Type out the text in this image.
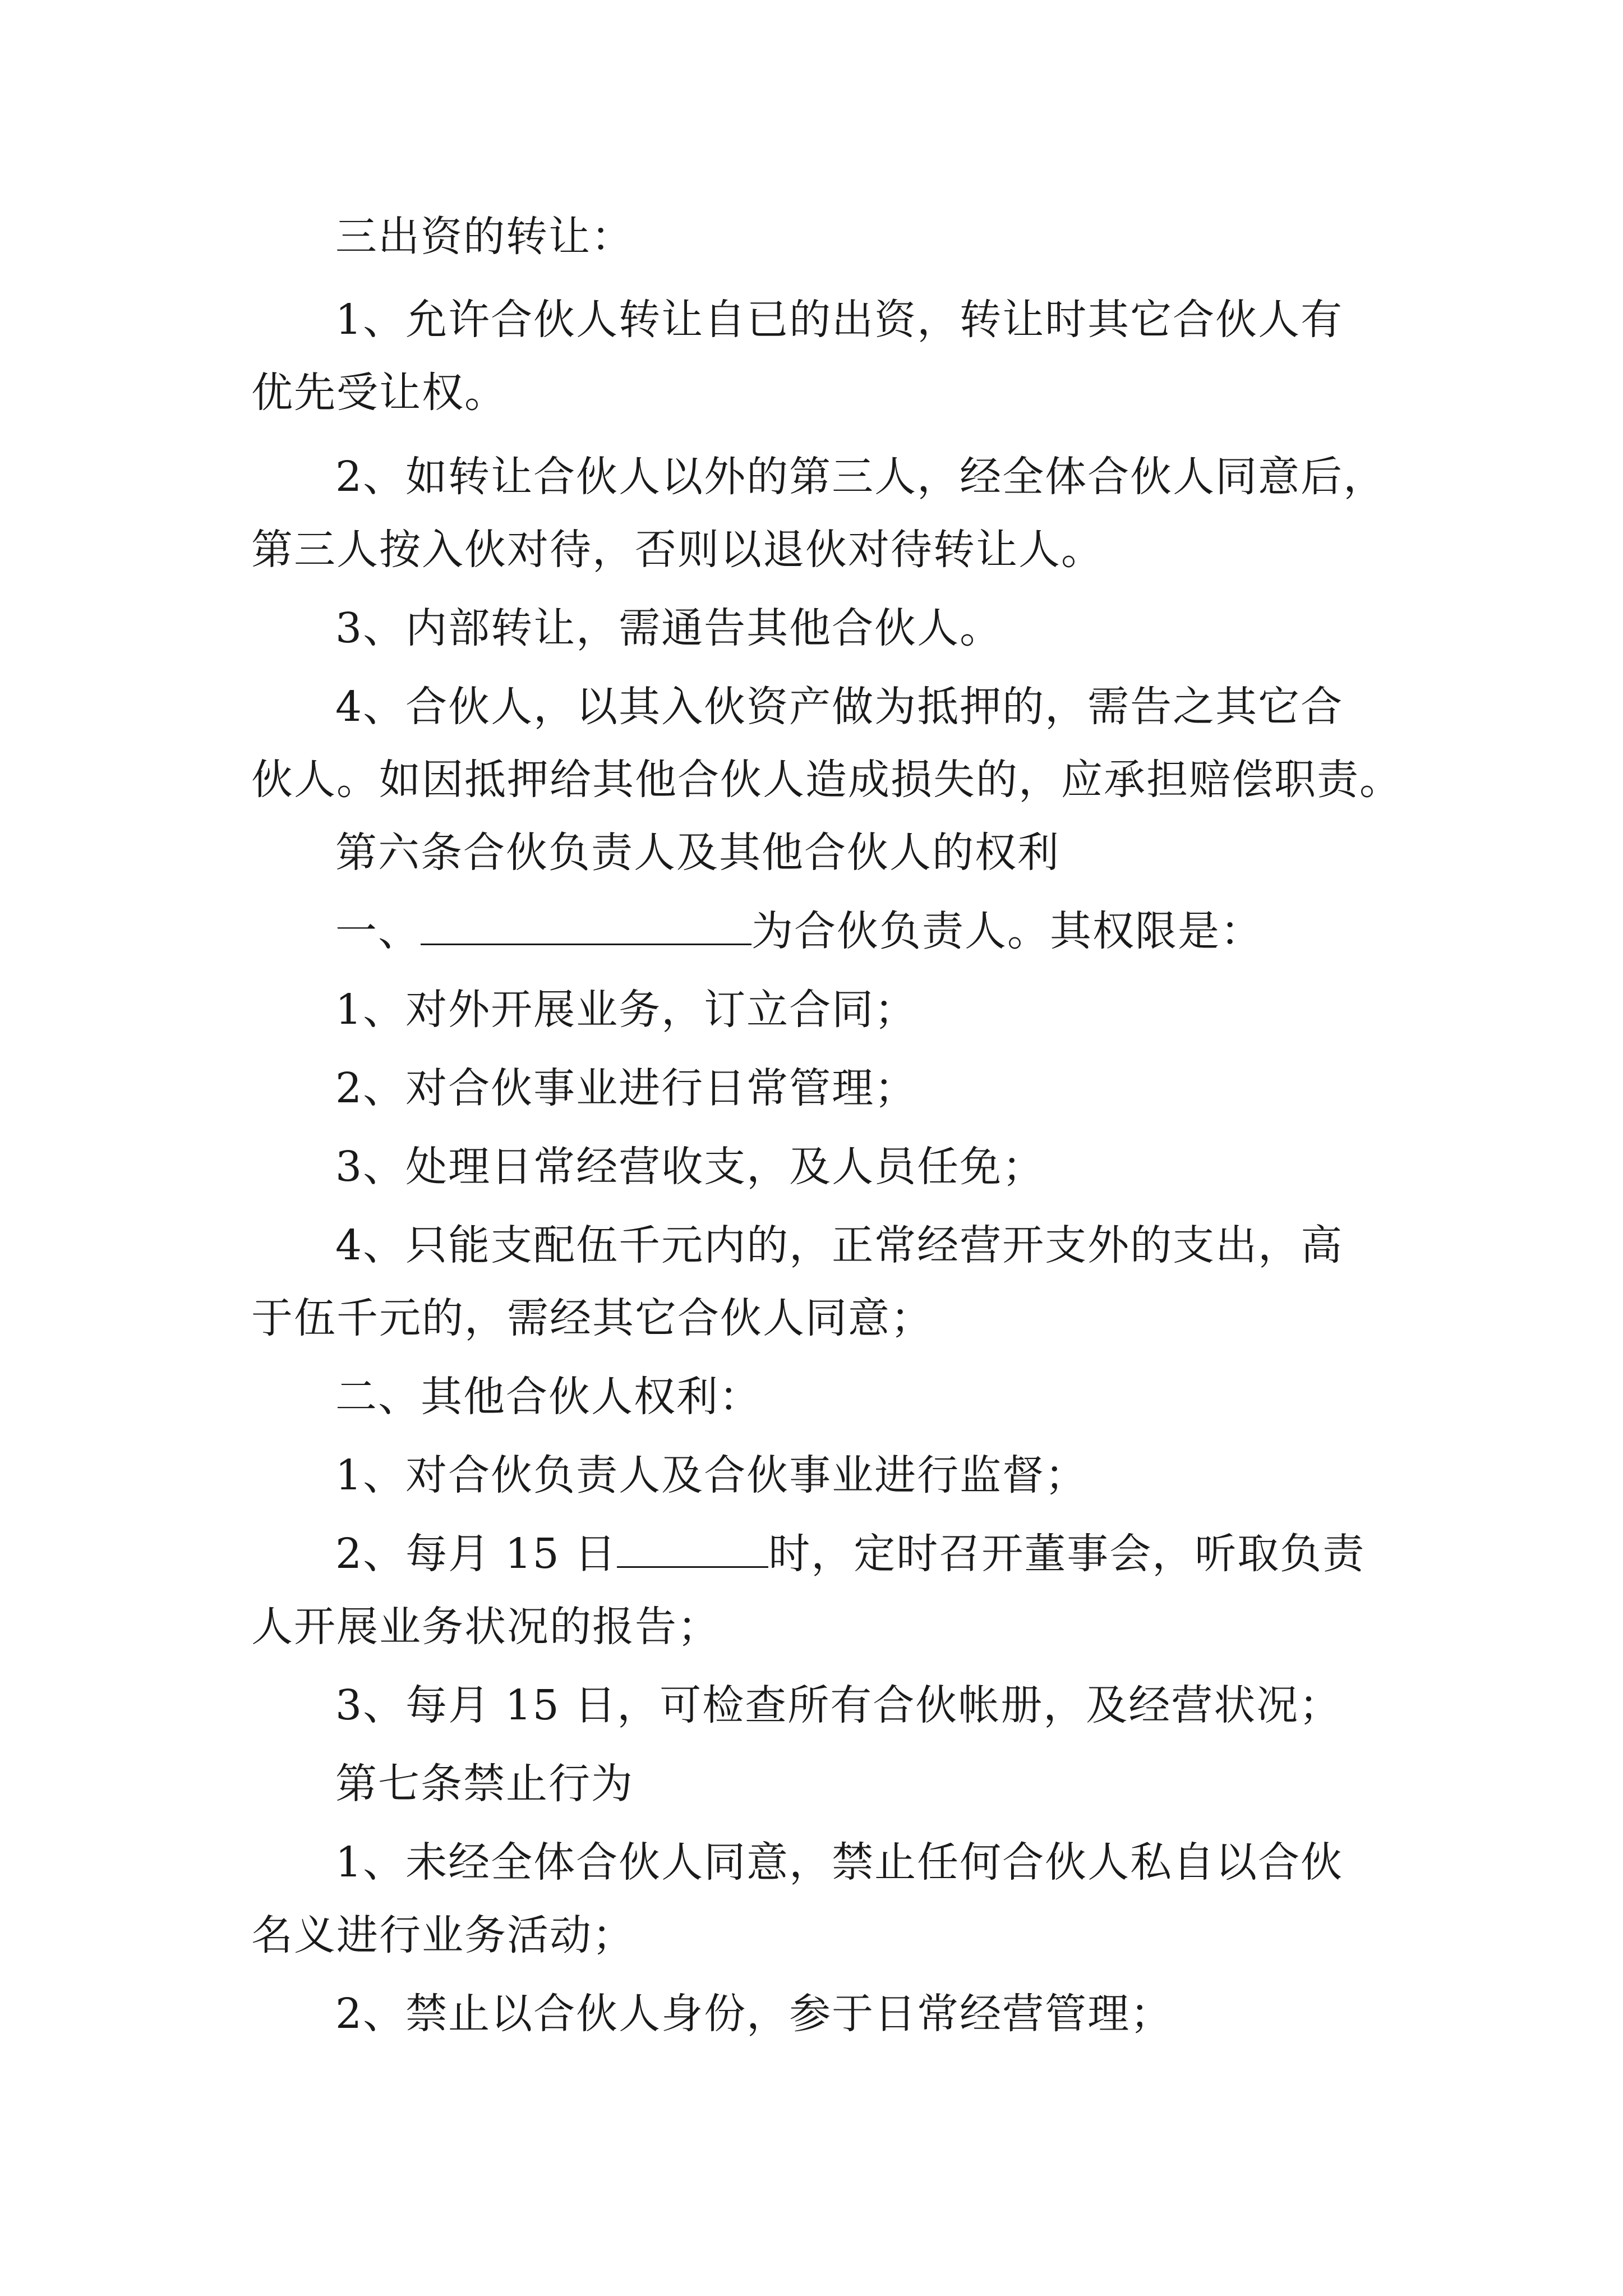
三出资的转让：
1、允许合伙人转让自已的出资，转让时其它合伙人有
优先受让权。
2、如转让合伙人以外的第三人，经全体合伙人同意后，
第三人按入伙对待，否则以退伙对待转让人。
3、内部转让，需通告其他合伙人。
4、合伙人，以其入伙资产做为抵押的，需告之其它合
伙人。如因抵押给其他合伙人造成损失的，应承担赔偿职责。
第六条合伙负责人及其他合伙人的权利
一、	为合伙负责人。其权限是：
1、对外开展业务，订立合同；
2、对合伙事业进行日常管理；
3、处理日常经营收支，及人员任免；
4、只能支配伍千元内的，正常经营开支外的支出，高
于伍千元的，需经其它合伙人同意；
二、其他合伙人权利：
1、对合伙负责人及合伙事业进行监督；
2、每月 15 日	时，定时召开董事会，听取负责
人开展业务状况的报告；
3、每月 15 日，可检查所有合伙帐册，及经营状况；
第七条禁止行为
1、未经全体合伙人同意，禁止任何合伙人私自以合伙
名义进行业务活动；
2、禁止以合伙人身份，参于日常经营管理；
